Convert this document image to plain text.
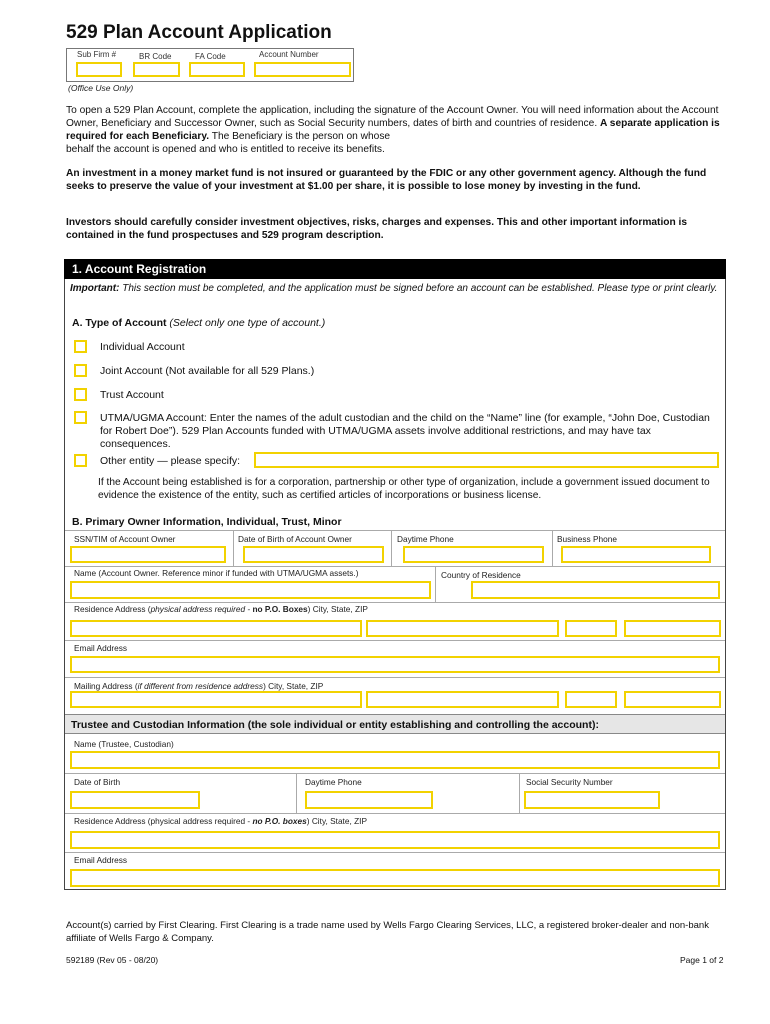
529 Plan Account Application
Sub Firm #	BR Code	FA Code	Account Number
(Office Use Only)
To open a 529 Plan Account, complete the application, including the signature of the Account Owner. You will need information about the Account Owner, Beneficiary and Successor Owner, such as Social Security numbers, dates of birth and countries of residence. A separate application is required for each Beneficiary. The Beneficiary is the person on whose
behalf the account is opened and who is entitled to receive its benefits.
An investment in a money market fund is not insured or guaranteed by the FDIC or any other government agency. Although the fund seeks to preserve the value of your investment at $1.00 per share, it is possible to lose money by investing in the fund.
Investors should carefully consider investment objectives, risks, charges and expenses. This and other important information is contained in the fund prospectuses and 529 program description.
1. Account Registration
Important: This section must be completed, and the application must be signed before an account can be established. Please type or print clearly.
A. Type of Account (Select only one type of account.)
Individual Account
Joint Account (Not available for all 529 Plans.)
Trust Account
UTMA/UGMA Account: Enter the names of the adult custodian and the child on the “Name” line (for example, “John Doe, Custodian for Robert Doe”). 529 Plan Accounts funded with UTMA/UGMA assets involve additional restrictions, and may have tax consequences.
Other entity — please specify:
If the Account being established is for a corporation, partnership or other type of organization, include a government issued document to evidence the existence of the entity, such as certified articles of incorporations or business license.
B. Primary Owner Information, Individual, Trust, Minor
SSN/TIM of Account Owner	Date of Birth of Account Owner	Daytime Phone	Business Phone
Name (Account Owner. Reference minor if funded with UTMA/UGMA assets.)	Country of Residence
Residence Address (physical address required - no P.O. Boxes) City, State, ZIP
Email Address
Mailing Address (if different from residence address) City, State, ZIP
Trustee and Custodian Information (the sole individual or entity establishing and controlling the account):
Name (Trustee, Custodian)
Date of Birth	Daytime Phone	Social Security Number
Residence Address (physical address required - no P.O. boxes) City, State, ZIP
Email Address
Account(s) carried by First Clearing. First Clearing is a trade name used by Wells Fargo Clearing Services, LLC, a registered broker-dealer and non-bank affiliate of Wells Fargo & Company.
592189 (Rev 05 - 08/20)	Page 1 of 2
